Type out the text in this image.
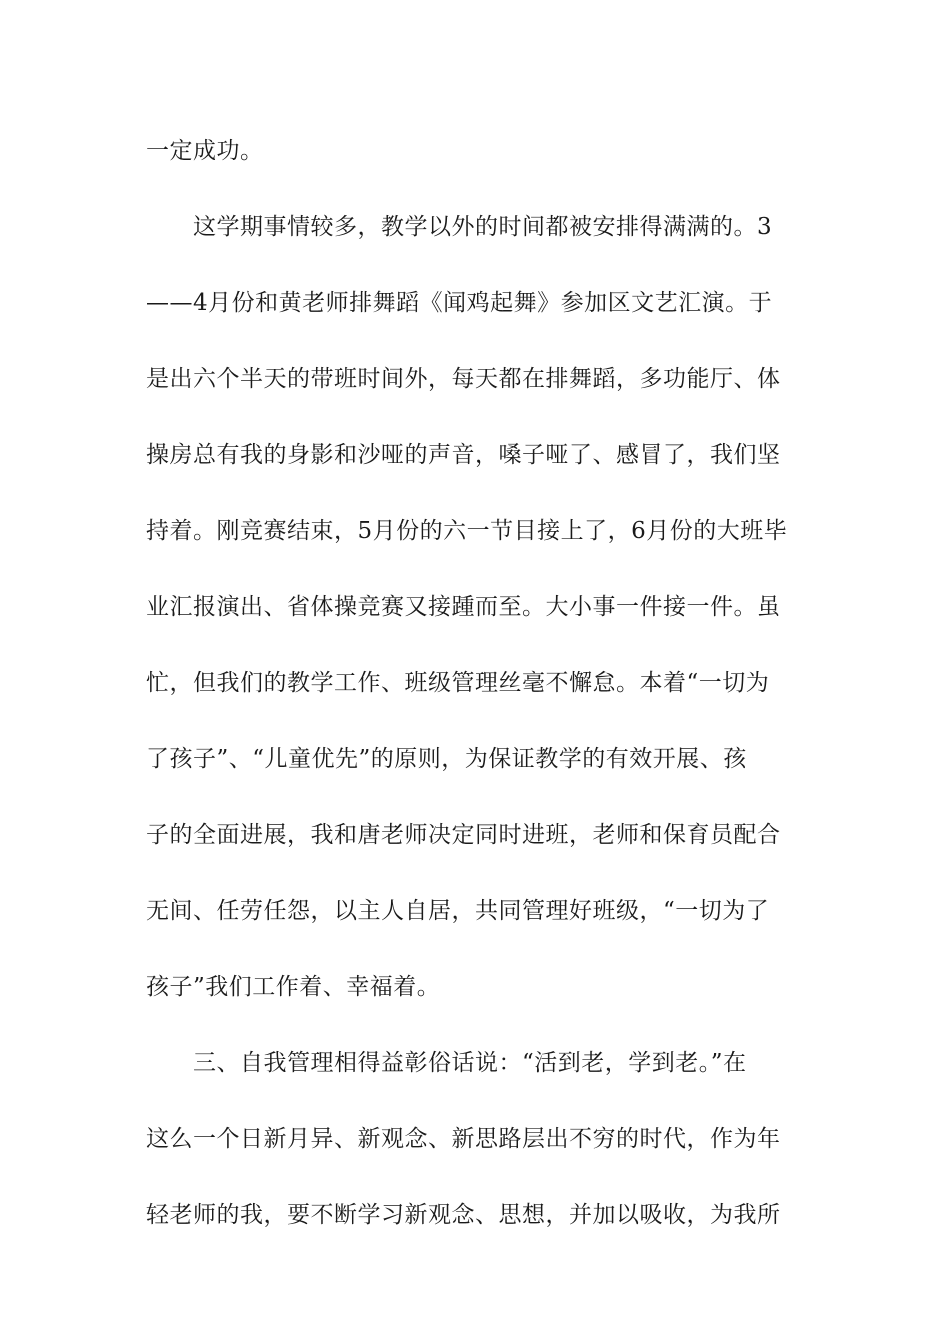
一定成功。
　　这学期事情较多，教学以外的时间都被安排得满满的。3
——4月份和黄老师排舞蹈《闻鸡起舞》参加区文艺汇演。于
是出六个半天的带班时间外，每天都在排舞蹈，多功能厅、体
操房总有我的身影和沙哑的声音，嗓子哑了、感冒了，我们坚
持着。刚竞赛结束，5月份的六一节目接上了，6月份的大班毕
业汇报演出、省体操竞赛又接踵而至。大小事一件接一件。虽
忙，但我们的教学工作、班级管理丝毫不懈怠。本着“一切为
了孩子”、“儿童优先”的原则，为保证教学的有效开展、孩
子的全面进展，我和唐老师决定同时进班，老师和保育员配合
无间、任劳任怨，以主人自居，共同管理好班级，“一切为了
孩子”我们工作着、幸福着。
　　三、自我管理相得益彰俗话说：“活到老，学到老。”在
这么一个日新月异、新观念、新思路层出不穷的时代，作为年
轻老师的我，要不断学习新观念、思想，并加以吸收，为我所
